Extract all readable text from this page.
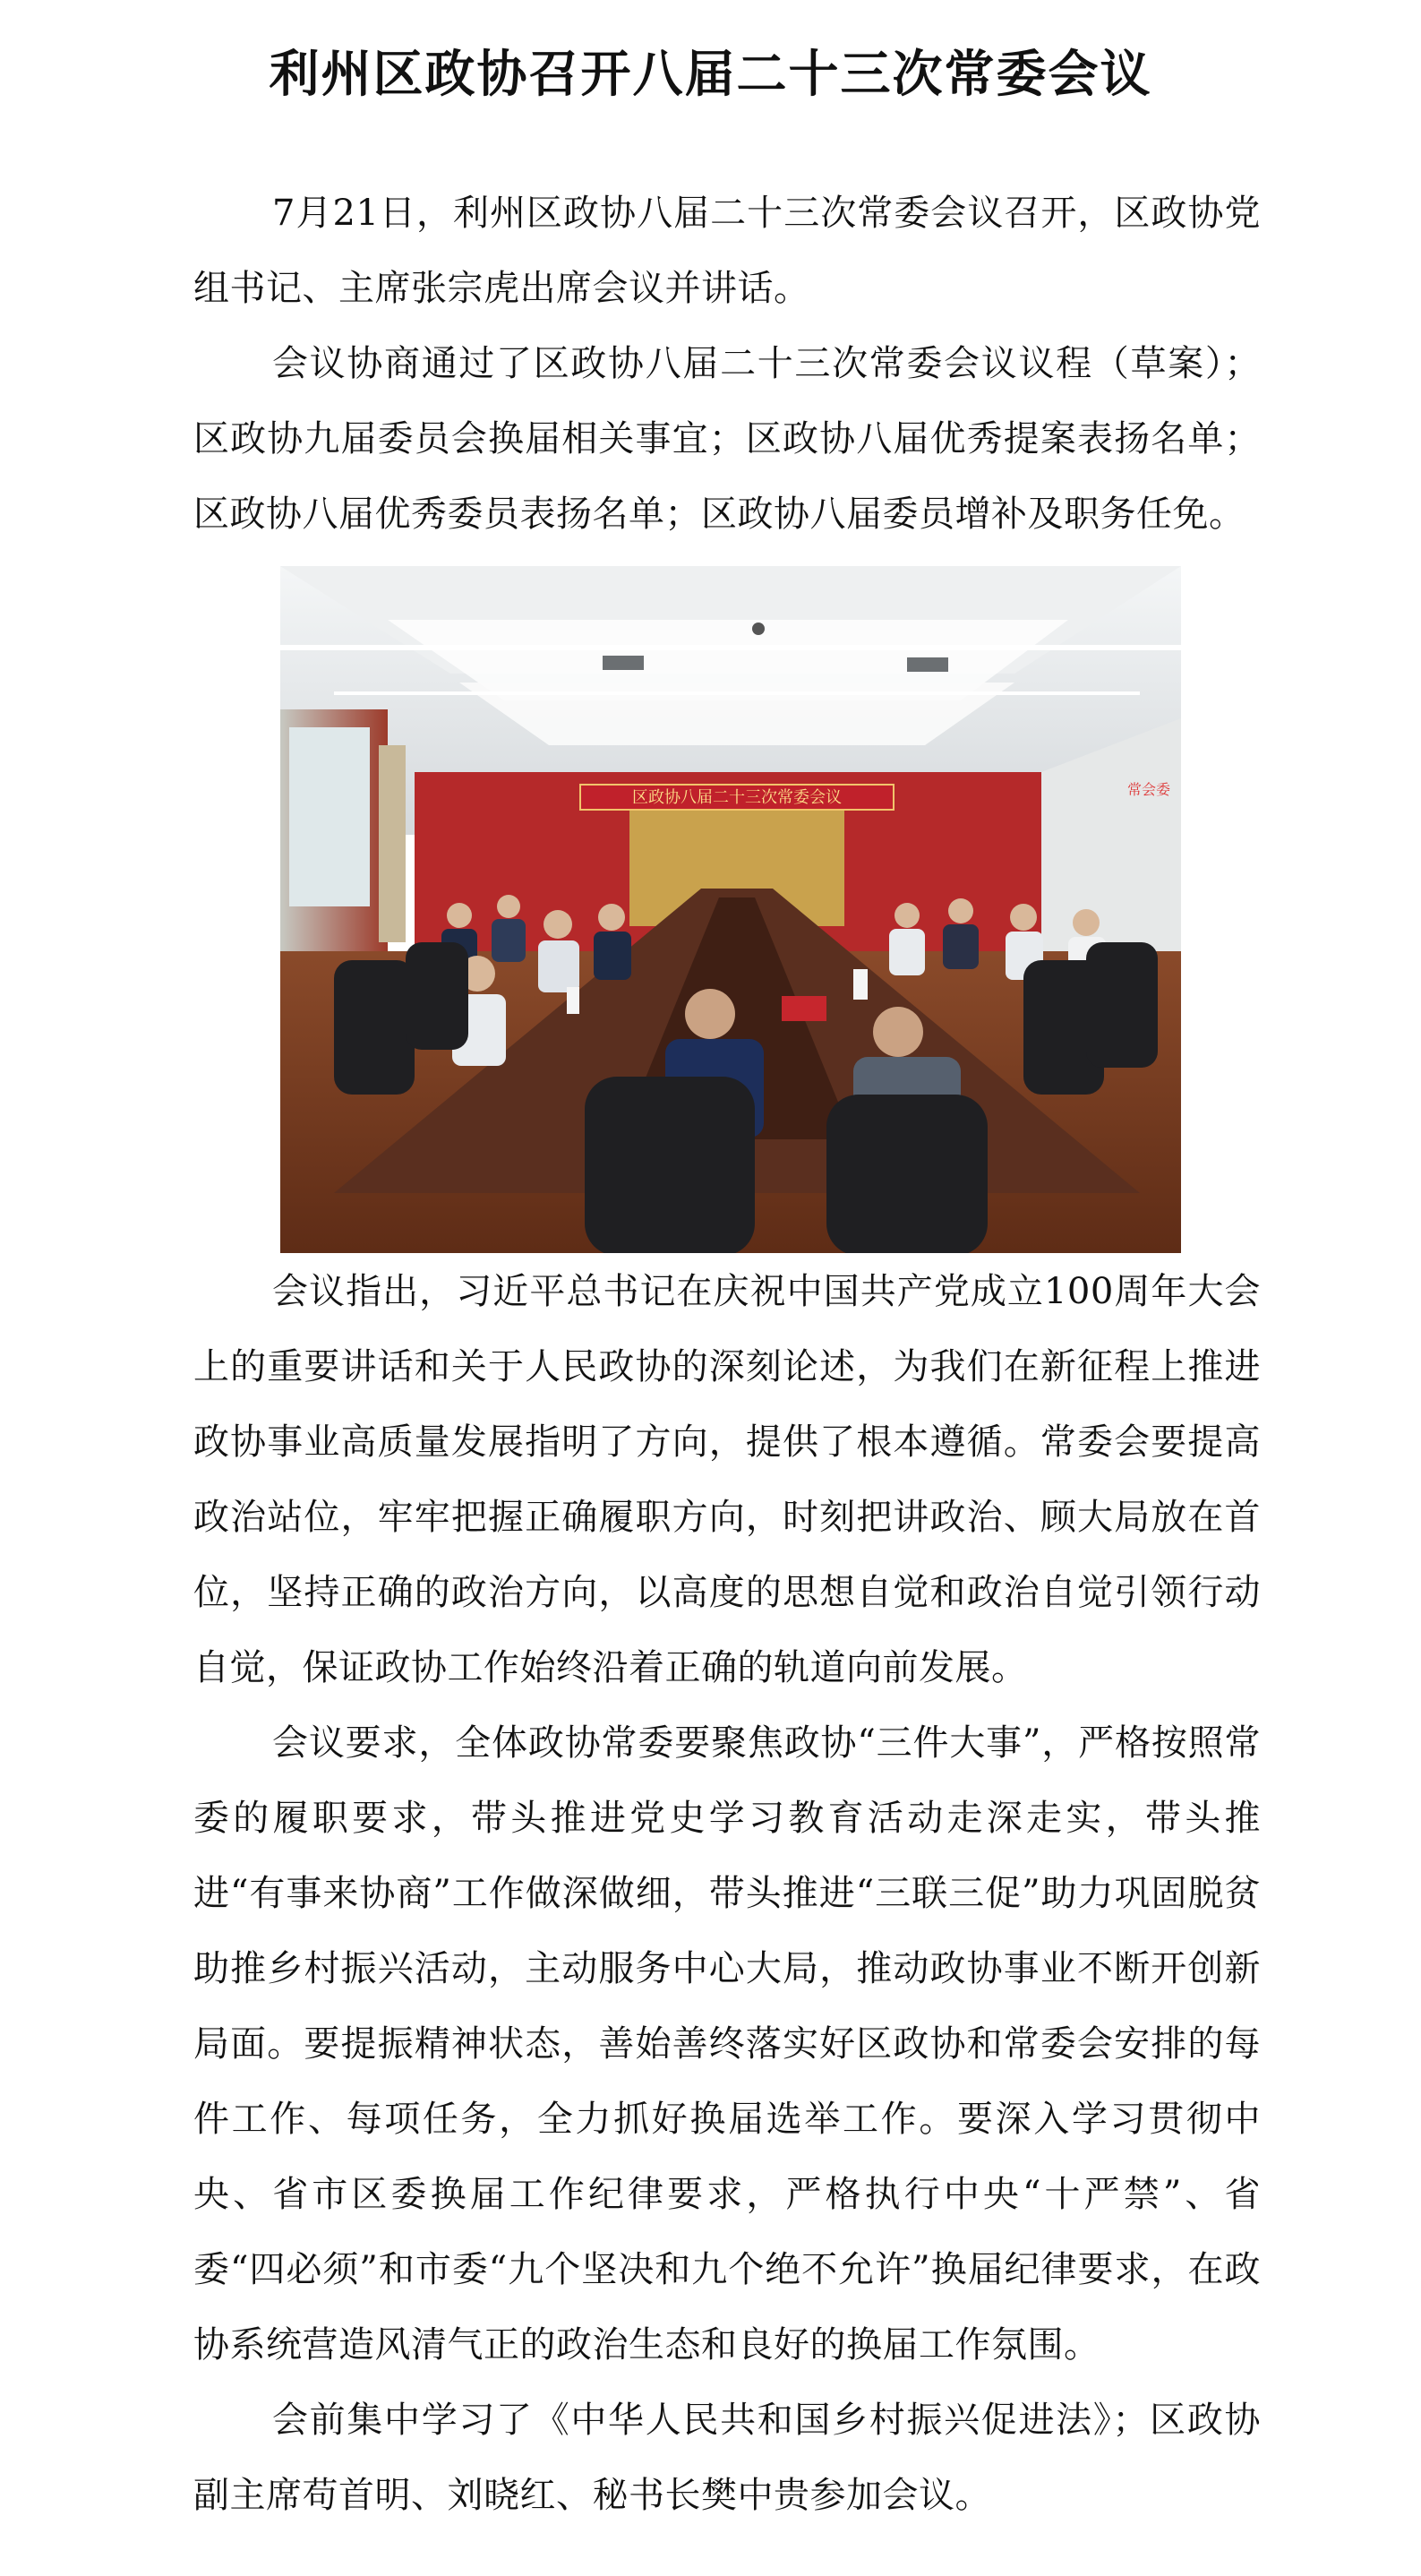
利州区政协召开八届二十三次常委会议

7月21日，利州区政协八届二十三次常委会议召开，区政协党组书记、主席张宗虎出席会议并讲话。

会议协商通过了区政协八届二十三次常委会议议程（草案）；区政协九届委员会换届相关事宜；区政协八届优秀提案表扬名单；区政协八届优秀委员表扬名单；区政协八届委员增补及职务任免。

区政协八届二十三次常委会议	常会委

会议指出，习近平总书记在庆祝中国共产党成立100周年大会上的重要讲话和关于人民政协的深刻论述，为我们在新征程上推进政协事业高质量发展指明了方向，提供了根本遵循。常委会要提高政治站位，牢牢把握正确履职方向，时刻把讲政治、顾大局放在首位，坚持正确的政治方向，以高度的思想自觉和政治自觉引领行动自觉，保证政协工作始终沿着正确的轨道向前发展。

会议要求，全体政协常委要聚焦政协“三件大事”，严格按照常委的履职要求，带头推进党史学习教育活动走深走实，带头推进“有事来协商”工作做深做细，带头推进“三联三促”助力巩固脱贫助推乡村振兴活动，主动服务中心大局，推动政协事业不断开创新局面。要提振精神状态，善始善终落实好区政协和常委会安排的每件工作、每项任务，全力抓好换届选举工作。要深入学习贯彻中央、省市区委换届工作纪律要求，严格执行中央“十严禁”、省委“四必须”和市委“九个坚决和九个绝不允许”换届纪律要求，在政协系统营造风清气正的政治生态和良好的换届工作氛围。

会前集中学习了《中华人民共和国乡村振兴促进法》；区政协副主席苟首明、刘晓红、秘书长樊中贵参加会议。
